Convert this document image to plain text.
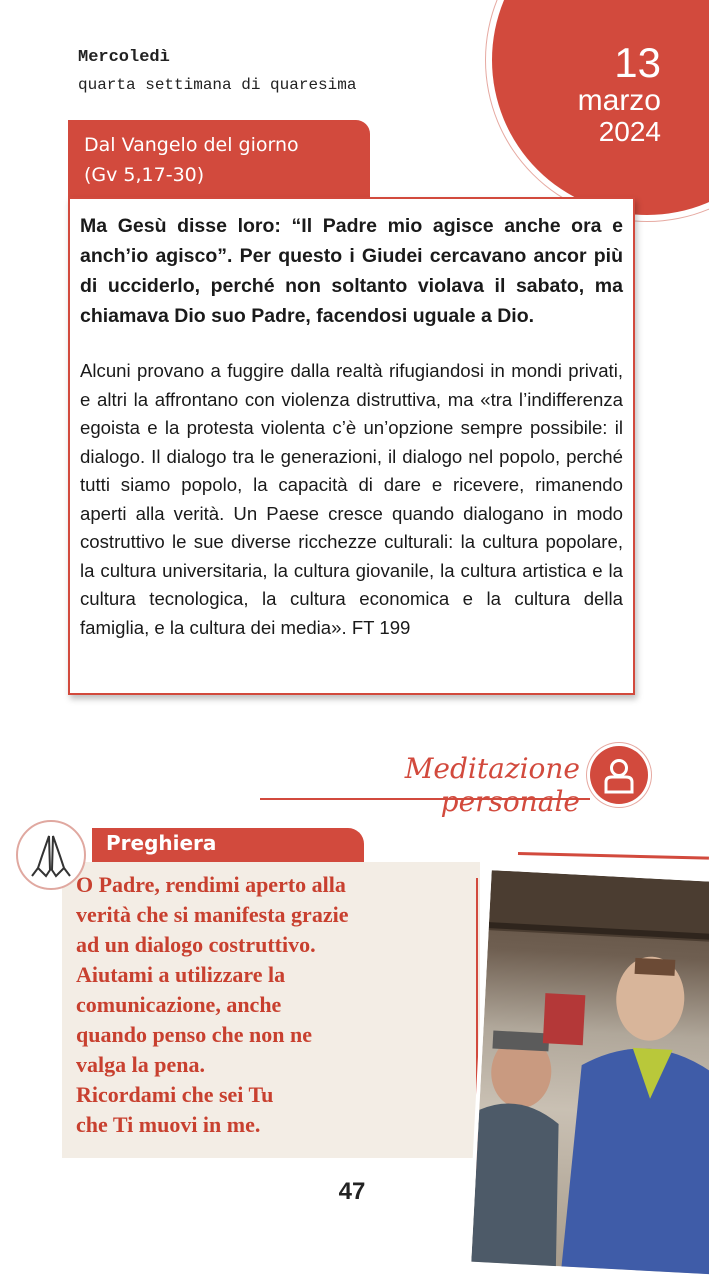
Mercoledì
quarta settimana di quaresima	13
marzo
2024
Dal Vangelo del giorno
(Gv 5,17-30)

Ma Gesù disse loro: “Il Padre mio agisce anche ora e anch’io agisco”. Per questo i Giudei cercavano ancor più di ucciderlo, perché non soltanto violava il sabato, ma chiamava Dio suo Padre, facendosi uguale a Dio.

Alcuni provano a fuggire dalla realtà rifugiandosi in mondi privati, e altri la affrontano con violenza distruttiva, ma «tra l’indifferenza egoista e la protesta violenta c’è un’opzione sempre possibile: il dialogo. Il dialogo tra le generazioni, il dialogo nel popolo, perché tutti siamo popolo, la capacità di dare e ricevere, rimanendo aperti alla verità. Un Paese cresce quando dialogano in modo costruttivo le sue diverse ricchezze culturali: la cultura popolare, la cultura universitaria, la cultura giovanile, la cultura artistica e la cultura tecnologica, la cultura economica e la cultura della famiglia, e la cultura dei media». FT 199

Meditazione personale
Preghiera
O Padre, rendimi aperto alla
verità che si manifesta grazie
ad un dialogo costruttivo.
Aiutami a utilizzare la
comunicazione, anche
quando penso che non ne
valga la pena.
Ricordami che sei Tu
che Ti muovi in me.
47
